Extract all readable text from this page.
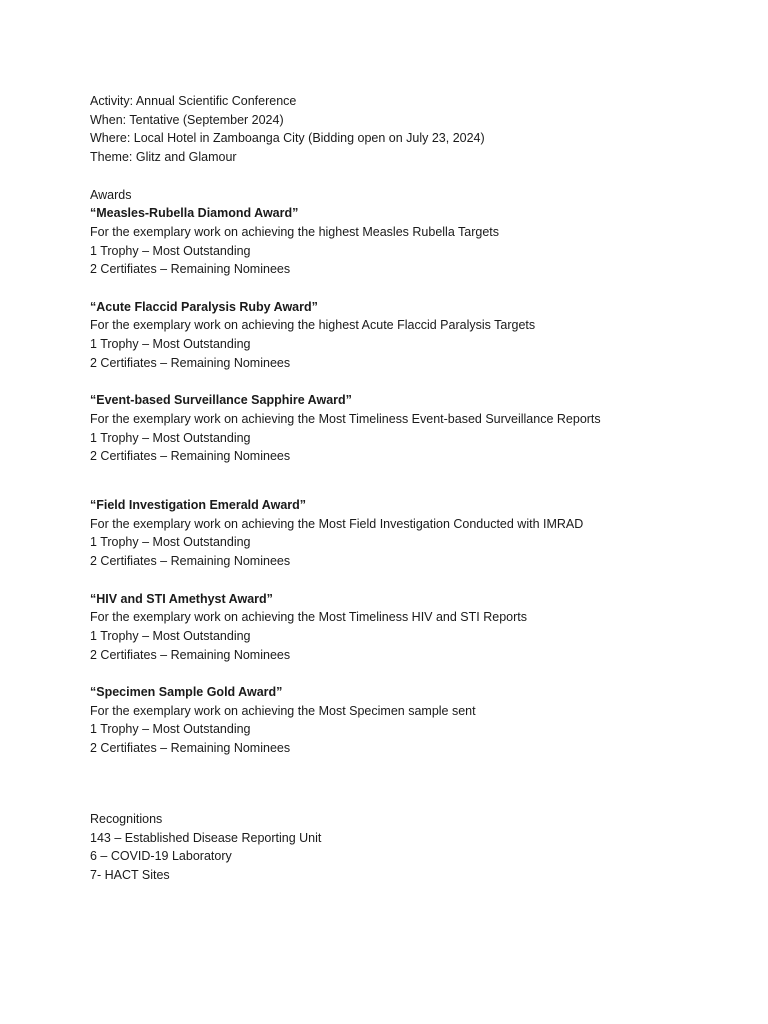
Activity: Annual Scientific Conference
When: Tentative (September 2024)
Where: Local Hotel in Zamboanga City (Bidding open on July 23, 2024)
Theme: Glitz and Glamour
Awards
“Measles-Rubella Diamond Award”
For the exemplary work on achieving the highest Measles Rubella Targets
1 Trophy – Most Outstanding
2 Certifiates – Remaining Nominees
“Acute Flaccid Paralysis Ruby Award”
For the exemplary work on achieving the highest Acute Flaccid Paralysis Targets
1 Trophy – Most Outstanding
2 Certifiates – Remaining Nominees
“Event-based Surveillance Sapphire Award”
For the exemplary work on achieving the Most Timeliness Event-based Surveillance Reports
1 Trophy – Most Outstanding
2 Certifiates – Remaining Nominees
“Field Investigation Emerald Award”
For the exemplary work on achieving the Most Field Investigation Conducted with IMRAD
1 Trophy – Most Outstanding
2 Certifiates – Remaining Nominees
“HIV and STI Amethyst Award”
For the exemplary work on achieving the Most Timeliness HIV and STI Reports
1 Trophy – Most Outstanding
2 Certifiates – Remaining Nominees
“Specimen Sample Gold Award”
For the exemplary work on achieving the Most Specimen sample sent
1 Trophy – Most Outstanding
2 Certifiates – Remaining Nominees
Recognitions
143 – Established Disease Reporting Unit
6 – COVID-19 Laboratory
7- HACT Sites
